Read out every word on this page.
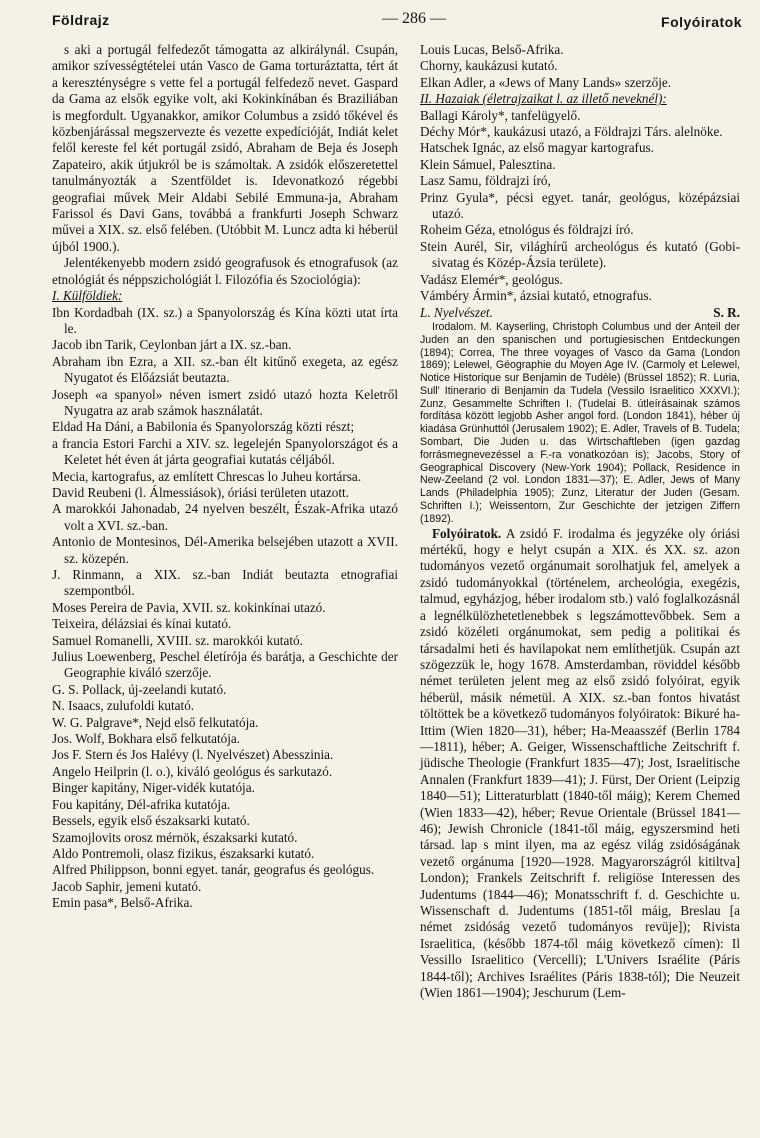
Földrajz	— 286 —	Folyóiratok

s aki a portugál felfedezőt támogatta az alkirálynál. Csupán, amikor szívességtételei után Vasco de Gama torturáztatta, tért át a kereszténységre s vette fel a portugál felfedező nevet. Gaspard da Gama az elsők egyike volt, aki Kokinkínában és Braziliában is megfordult. Ugyanakkor, amikor Columbus a zsidó tőkével és közbenjárással megszervezte és vezette expedícióját, Indiát kelet felől kereste fel két portugál zsidó, Abraham de Beja és Joseph Zapateiro, akik útjukról be is számoltak. A zsidók előszeretettel tanulmányozták a Szentföldet is. Idevonatkozó régebbi geografiai művek Meir Aldabi Sebilé Emmuna-ja, Abraham Farissol és Davi Gans, továbbá a frankfurti Joseph Schwarz művei a XIX. sz. első felében. (Utóbbit M. Luncz adta ki héberül újból 1900.).

Jelentékenyebb modern zsidó geografusok és etnografusok (az etnológiát és néppszichológiát l. Filozófia és Szociológia):

I. Külföldiek:

Ibn Kordadbah (IX. sz.) a Spanyolország és Kína közti utat írta le.

Jacob ibn Tarik, Ceylonban járt a IX. sz.-ban.

Abraham ibn Ezra, a XII. sz.-ban élt kitűnő exegeta, az egész Nyugatot és Előázsiát beutazta.

Joseph «a spanyol» néven ismert zsidó utazó hozta Keletről Nyugatra az arab számok használatát.

Eldad Ha Dáni, a Babilonia és Spanyolország közti részt;

a francia Estori Farchi a XIV. sz. legelején Spanyolországot és a Keletet hét éven át járta geografiai kutatás céljából.

Mecia, kartografus, az említett Chrescas lo Juheu kortársa.

David Reubeni (l. Álmessiások), óriási területen utazott.

A marokkói Jahonadab, 24 nyelven beszélt, Észak-Afrika utazó volt a XVI. sz.-ban.

Antonio de Montesinos, Dél-Amerika belsejében utazott a XVII. sz. közepén.

J. Rinmann, a XIX. sz.-ban Indiát beutazta etnografiai szempontból.

Moses Pereira de Pavia, XVII. sz. kokinkínai utazó.

Teixeira, délázsiai és kínai kutató.

Samuel Romanelli, XVIII. sz. marokkói kutató.

Julius Loewenberg, Peschel életírója és barátja, a Geschichte der Geographie kiváló szerzője.

G. S. Pollack, új-zeelandi kutató.

N. Isaacs, zulufoldi kutató.

W. G. Palgrave*, Nejd első felkutatója.

Jos. Wolf, Bokhara első felkutatója.

Jos F. Stern és Jos Halévy (l. Nyelvészet) Abesszinia.

Angelo Heilprin (l. o.), kiváló geológus és sarkutazó.

Binger kapitány, Niger-vidék kutatója.

Fou kapitány, Dél-afrika kutatója.

Bessels, egyik első északsarki kutató.

Szamojlovits orosz mérnök, északsarki kutató.

Aldo Pontremoli, olasz fizikus, északsarki kutató.

Alfred Philippson, bonni egyet. tanár, geografus és geológus.

Jacob Saphir, jemeni kutató.

Emin pasa*, Belső-Afrika.

Louis Lucas, Belső-Afrika.

Chorny, kaukázusi kutató.

Elkan Adler, a «Jews of Many Lands» szerzője.

II. Hazaiak (életrajzaikat l. az illető neveknél):

Ballagi Károly*, tanfelügyelő.

Déchy Mór*, kaukázusi utazó, a Földrajzi Társ. alelnöke.

Hatschek Ignác, az első magyar kartografus.

Klein Sámuel, Palesztina.

Lasz Samu, földrajzi író,

Prinz Gyula*, pécsi egyet. tanár, geológus, középázsiai utazó.

Roheim Géza, etnológus és földrajzi író.

Stein Aurél, Sir, világhírű archeológus és kutató (Gobi-sivatag és Közép-Ázsia területe).

Vadász Elemér*, geológus.

Vámbéry Ármin*, ázsiai kutató, etnografus.

L. Nyelvészet.	S. R.

Irodalom. M. Kayserling, Christoph Columbus und der Anteil der Juden an den spanischen und portugiesischen Entdeckungen (1894); Correa, The three voyages of Vasco da Gama (London 1869); Lelewel, Géographie du Moyen Age IV. (Carmoly et Lelewel, Notice Historique sur Benjamin de Tudèle) (Brüssel 1852); R. Luria, Sull' Itinerario di Benjamin da Tudela (Vessilo Israelitico XXXVI.); Zunz, Gesammelte Schriften I. (Tudelai B. útleírásainak számos fordítása között legjobb Asher angol ford. (London 1841), héber új kiadása Grünhuttól (Jerusalem 1902); E. Adler, Travels of B. Tudela; Sombart, Die Juden u. das Wirtschaftleben (igen gazdag forrásmegnevezéssel a F.-ra vonatkozóan is); Jacobs, Story of Geographical Discovery (New-York 1904); Pollack, Residence in New-Zeeland (2 vol. London 1831—37); E. Adler, Jews of Many Lands (Philadelphia 1905); Zunz, Literatur der Juden (Gesam. Schriften I.); Weissentorn, Zur Geschichte der jetzigen Ziffern (1892).

Folyóiratok. A zsidó F. irodalma és jegyzéke oly óriási mértékű, hogy e helyt csupán a XIX. és XX. sz. azon tudományos vezető orgánumait sorolhatjuk fel, amelyek a zsidó tudományokkal (történelem, archeológia, exegézis, talmud, egyházjog, héber irodalom stb.) való foglalkozásnál a legnélkülözhetetlenebbek s legszámottevőbbek. Sem a zsidó közéleti orgánumokat, sem pedig a politikai és társadalmi heti és havilapokat nem említhetjük. Csupán azt szögezzük le, hogy 1678. Amsterdamban, röviddel később német területen jelent meg az első zsidó folyóirat, egyik héberül, másik németül. A XIX. sz.-ban fontos hivatást töltöttek be a következő tudományos folyóiratok: Bikuré ha-Ittim (Wien 1820—31), héber; Ha-Meaasszéf (Berlin 1784—1811), héber; A. Geiger, Wissenschaftliche Zeitschrift f. jüdische Theologie (Frankfurt 1835—47); Jost, Israelitische Annalen (Frankfurt 1839—41); J. Fürst, Der Orient (Leipzig 1840—51); Litteraturblatt (1840-től máig); Kerem Chemed (Wien 1833—42), héber; Revue Orientale (Brüssel 1841—46); Jewish Chronicle (1841-től máig, egyszersmind heti társad. lap s mint ilyen, ma az egész világ zsidóságának vezető orgánuma [1920—1928. Magyarországról kitiltva] London); Frankels Zeitschrift f. religiöse Interessen des Judentums (1844—46); Monatsschrift f. d. Geschichte u. Wissenschaft d. Judentums (1851-től máig, Breslau [a német zsidóság vezető tudományos revüje]); Rivista Israelitica, (később 1874-től máig következő címen): Il Vessillo Israelitico (Vercelli); L'Univers Israélite (Páris 1844-től); Archives Israélites (Páris 1838-tól); Die Neuzeit (Wien 1861—1904); Jeschurum (Lem-
